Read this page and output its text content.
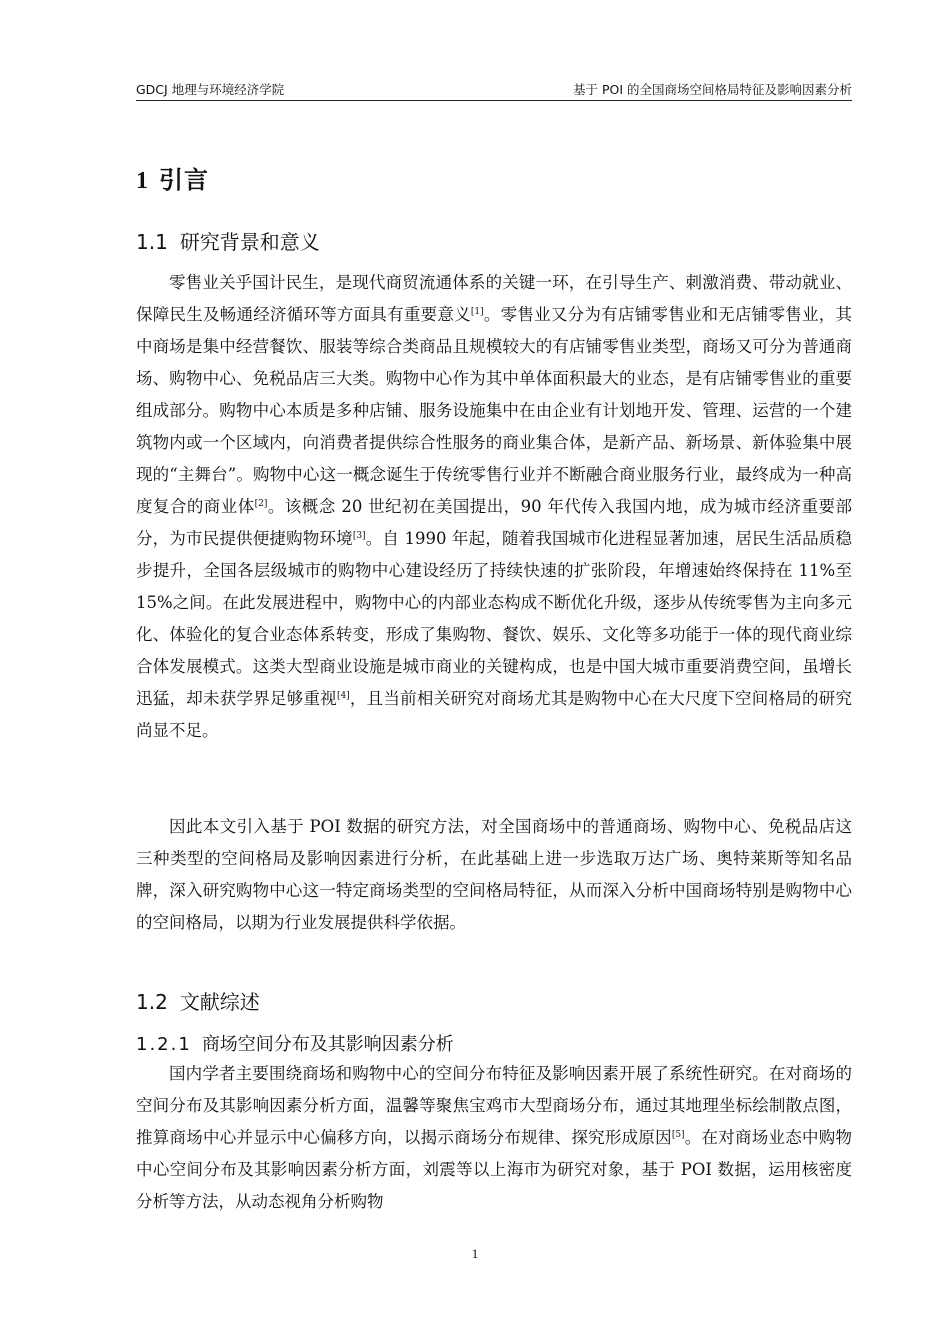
GDCJ 地理与环境经济学院	基于 POI 的全国商场空间格局特征及影响因素分析
1 引言
1.1 研究背景和意义

零售业关乎国计民生，是现代商贸流通体系的关键一环，在引导生产、刺激消费、带动就业、保障民生及畅通经济循环等方面具有重要意义[1]。零售业又分为有店铺零售业和无店铺零售业，其中商场是集中经营餐饮、服装等综合类商品且规模较大的有店铺零售业类型，商场又可分为普通商场、购物中心、免税品店三大类。购物中心作为其中单体面积最大的业态，是有店铺零售业的重要组成部分。购物中心本质是多种店铺、服务设施集中在由企业有计划地开发、管理、运营的一个建筑物内或一个区域内，向消费者提供综合性服务的商业集合体，是新产品、新场景、新体验集中展现的“主舞台”。购物中心这一概念诞生于传统零售行业并不断融合商业服务行业，最终成为一种高度复合的商业体[2]。该概念 20 世纪初在美国提出，90 年代传入我国内地，成为城市经济重要部分，为市民提供便捷购物环境[3]。自 1990 年起，随着我国城市化进程显著加速，居民生活品质稳步提升，全国各层级城市的购物中心建设经历了持续快速的扩张阶段，年增速始终保持在 11%至 15%之间。在此发展进程中，购物中心的内部业态构成不断优化升级，逐步从传统零售为主向多元化、体验化的复合业态体系转变，形成了集购物、餐饮、娱乐、文化等多功能于一体的现代商业综合体发展模式。这类大型商业设施是城市商业的关键构成，也是中国大城市重要消费空间，虽增长迅猛，却未获学界足够重视[4]，且当前相关研究对商场尤其是购物中心在大尺度下空间格局的研究尚显不足。

因此本文引入基于 POI 数据的研究方法，对全国商场中的普通商场、购物中心、免税品店这三种类型的空间格局及影响因素进行分析，在此基础上进一步选取万达广场、奥特莱斯等知名品牌，深入研究购物中心这一特定商场类型的空间格局特征，从而深入分析中国商场特别是购物中心的空间格局，以期为行业发展提供科学依据。

1.2 文献综述
1.2.1 商场空间分布及其影响因素分析

国内学者主要围绕商场和购物中心的空间分布特征及影响因素开展了系统性研究。在对商场的空间分布及其影响因素分析方面，温馨等聚焦宝鸡市大型商场分布，通过其地理坐标绘制散点图，推算商场中心并显示中心偏移方向，以揭示商场分布规律、探究形成原因[5]。在对商场业态中购物中心空间分布及其影响因素分析方面，刘震等以上海市为研究对象，基于 POI 数据，运用核密度分析等方法，从动态视角分析购物

1
